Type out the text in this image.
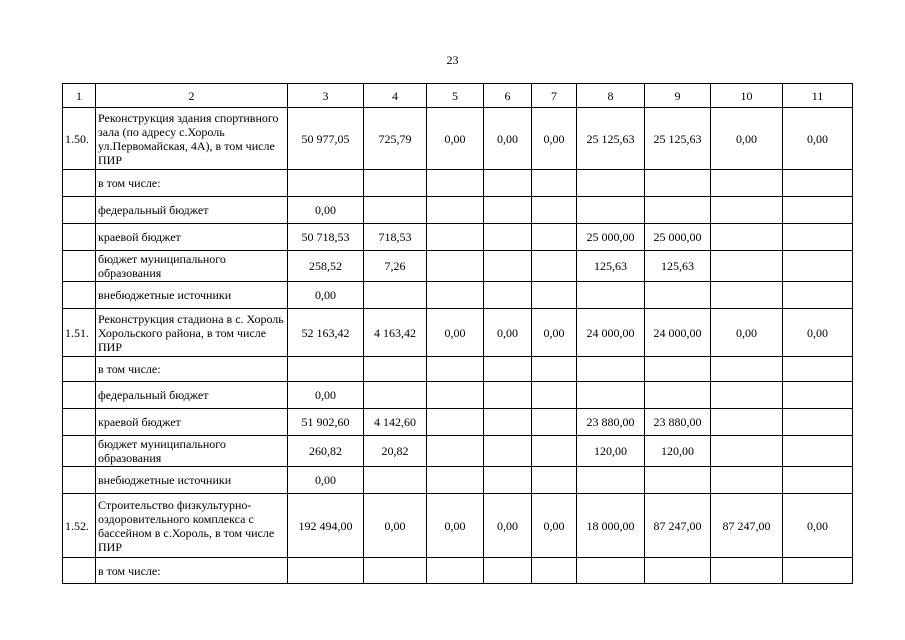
23
1	2	3	4	5	6	7	8	9	10	11
1.50.	Реконструкция здания спортивного зала (по адресу с.Хороль ул.Первомайская, 4А), в том числе ПИР	50 977,05	725,79	0,00	0,00	0,00	25 125,63	25 125,63	0,00	0,00
	в том числе:									
	федеральный бюджет	0,00								
	краевой бюджет	50 718,53	718,53				25 000,00	25 000,00		
	бюджет муниципального образования	258,52	7,26				125,63	125,63		
	внебюджетные источники	0,00								
1.51.	Реконструкция стадиона в с. Хороль Хорольского района, в том числе ПИР	52 163,42	4 163,42	0,00	0,00	0,00	24 000,00	24 000,00	0,00	0,00
	в том числе:									
	федеральный бюджет	0,00								
	краевой бюджет	51 902,60	4 142,60				23 880,00	23 880,00		
	бюджет муниципального образования	260,82	20,82				120,00	120,00		
	внебюджетные источники	0,00								
1.52.	Строительство физкультурно-оздоровительного комплекса с бассейном в с.Хороль, в том числе ПИР	192 494,00	0,00	0,00	0,00	0,00	18 000,00	87 247,00	87 247,00	0,00
	в том числе:									
